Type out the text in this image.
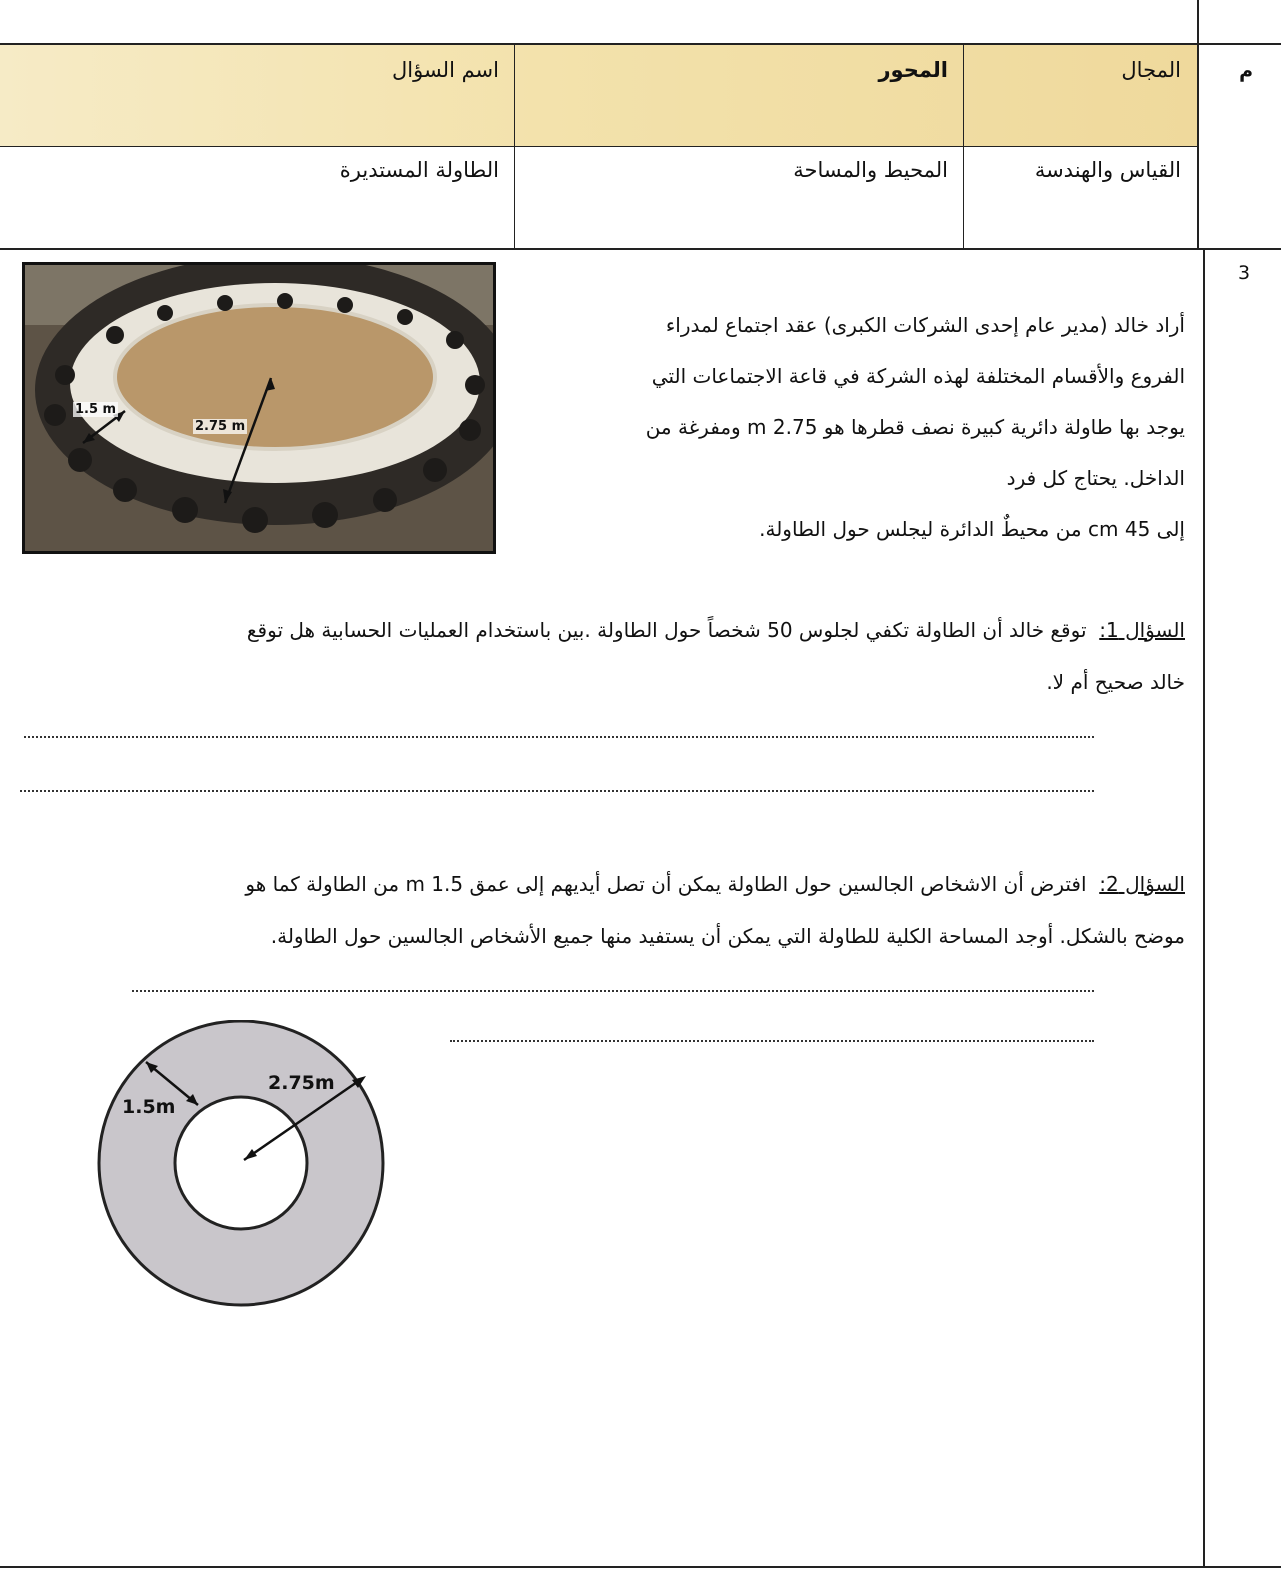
م
المجال
المحور
اسم السؤال
القياس والهندسة
المحيط والمساحة
الطاولة المستديرة
3
1.5 m
2.75 m
أراد خالد (مدير عام إحدى الشركات الكبرى) عقد اجتماع لمدراء
الفروع والأقسام المختلفة لهذه الشركة في قاعة الاجتماعات التي
يوجد بها طاولة دائرية كبيرة نصف قطرها هو 2.75 m ومفرغة من
الداخل. يحتاج كل فرد
إلى 45 cm من محيطٌ الدائرة ليجلس حول الطاولة.
السؤال 1:  توقع خالد أن الطاولة تكفي لجلوس 50 شخصاً حول الطاولة .بين باستخدام العمليات الحسابية هل توقع
خالد صحيح أم لا.
السؤال 2:  افترض أن الاشخاص الجالسين حول الطاولة يمكن أن تصل أيديهم إلى عمق 1.5 m من الطاولة كما هو
موضح بالشكل. أوجد المساحة الكلية للطاولة التي يمكن أن يستفيد منها جميع الأشخاص الجالسين حول الطاولة.
1.5m
2.75m
